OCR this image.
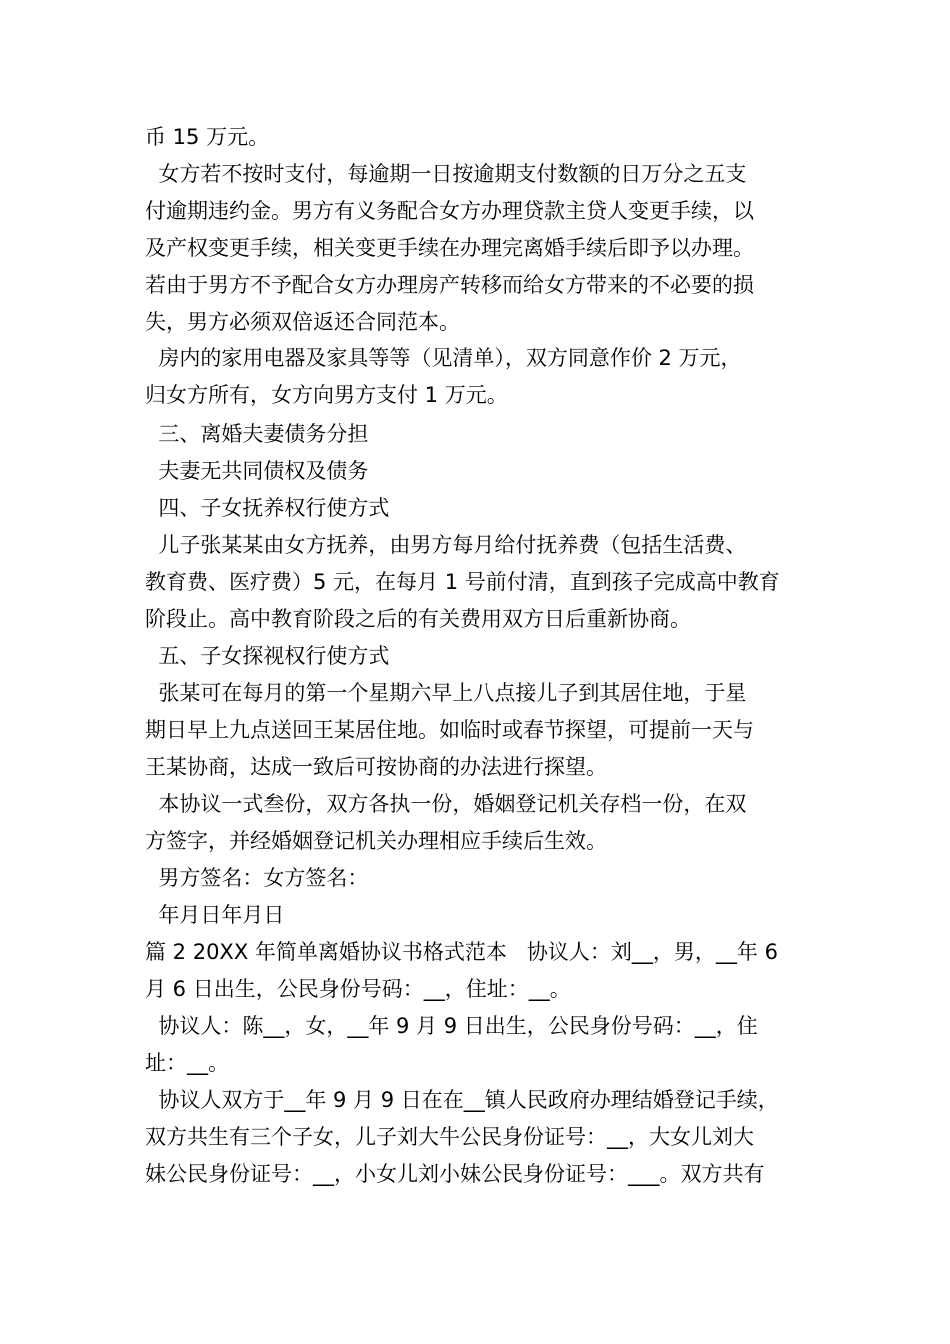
币 15 万元。
女方若不按时支付，每逾期一日按逾期支付数额的日万分之五支
付逾期违约金。男方有义务配合女方办理贷款主贷人变更手续，以
及产权变更手续，相关变更手续在办理完离婚手续后即予以办理。
若由于男方不予配合女方办理房产转移而给女方带来的不必要的损
失，男方必须双倍返还合同范本。
房内的家用电器及家具等等（见清单），双方同意作价 2 万元，
归女方所有，女方向男方支付 1 万元。
三、离婚夫妻债务分担
夫妻无共同债权及债务
四、子女抚养权行使方式
儿子张某某由女方抚养，由男方每月给付抚养费（包括生活费、
教育费、医疗费）5 元，在每月 1 号前付清，直到孩子完成高中教育
阶段止。高中教育阶段之后的有关费用双方日后重新协商。
五、子女探视权行使方式
张某可在每月的第一个星期六早上八点接儿子到其居住地，于星
期日早上九点送回王某居住地。如临时或春节探望，可提前一天与
王某协商，达成一致后可按协商的办法进行探望。
本协议一式叁份，双方各执一份，婚姻登记机关存档一份，在双
方签字，并经婚姻登记机关办理相应手续后生效。
男方签名：女方签名：
年月日年月日
篇 2 20XX 年简单离婚协议书格式范本   协议人：刘__，男，__年 6
月 6 日出生，公民身份号码：__，住址：__。
协议人：陈__，女，__年 9 月 9 日出生，公民身份号码：__，住
址：__。
协议人双方于__年 9 月 9 日在在__镇人民政府办理结婚登记手续，
双方共生有三个子女，儿子刘大牛公民身份证号：__，大女儿刘大
妹公民身份证号：__，小女儿刘小妹公民身份证号：___。双方共有
